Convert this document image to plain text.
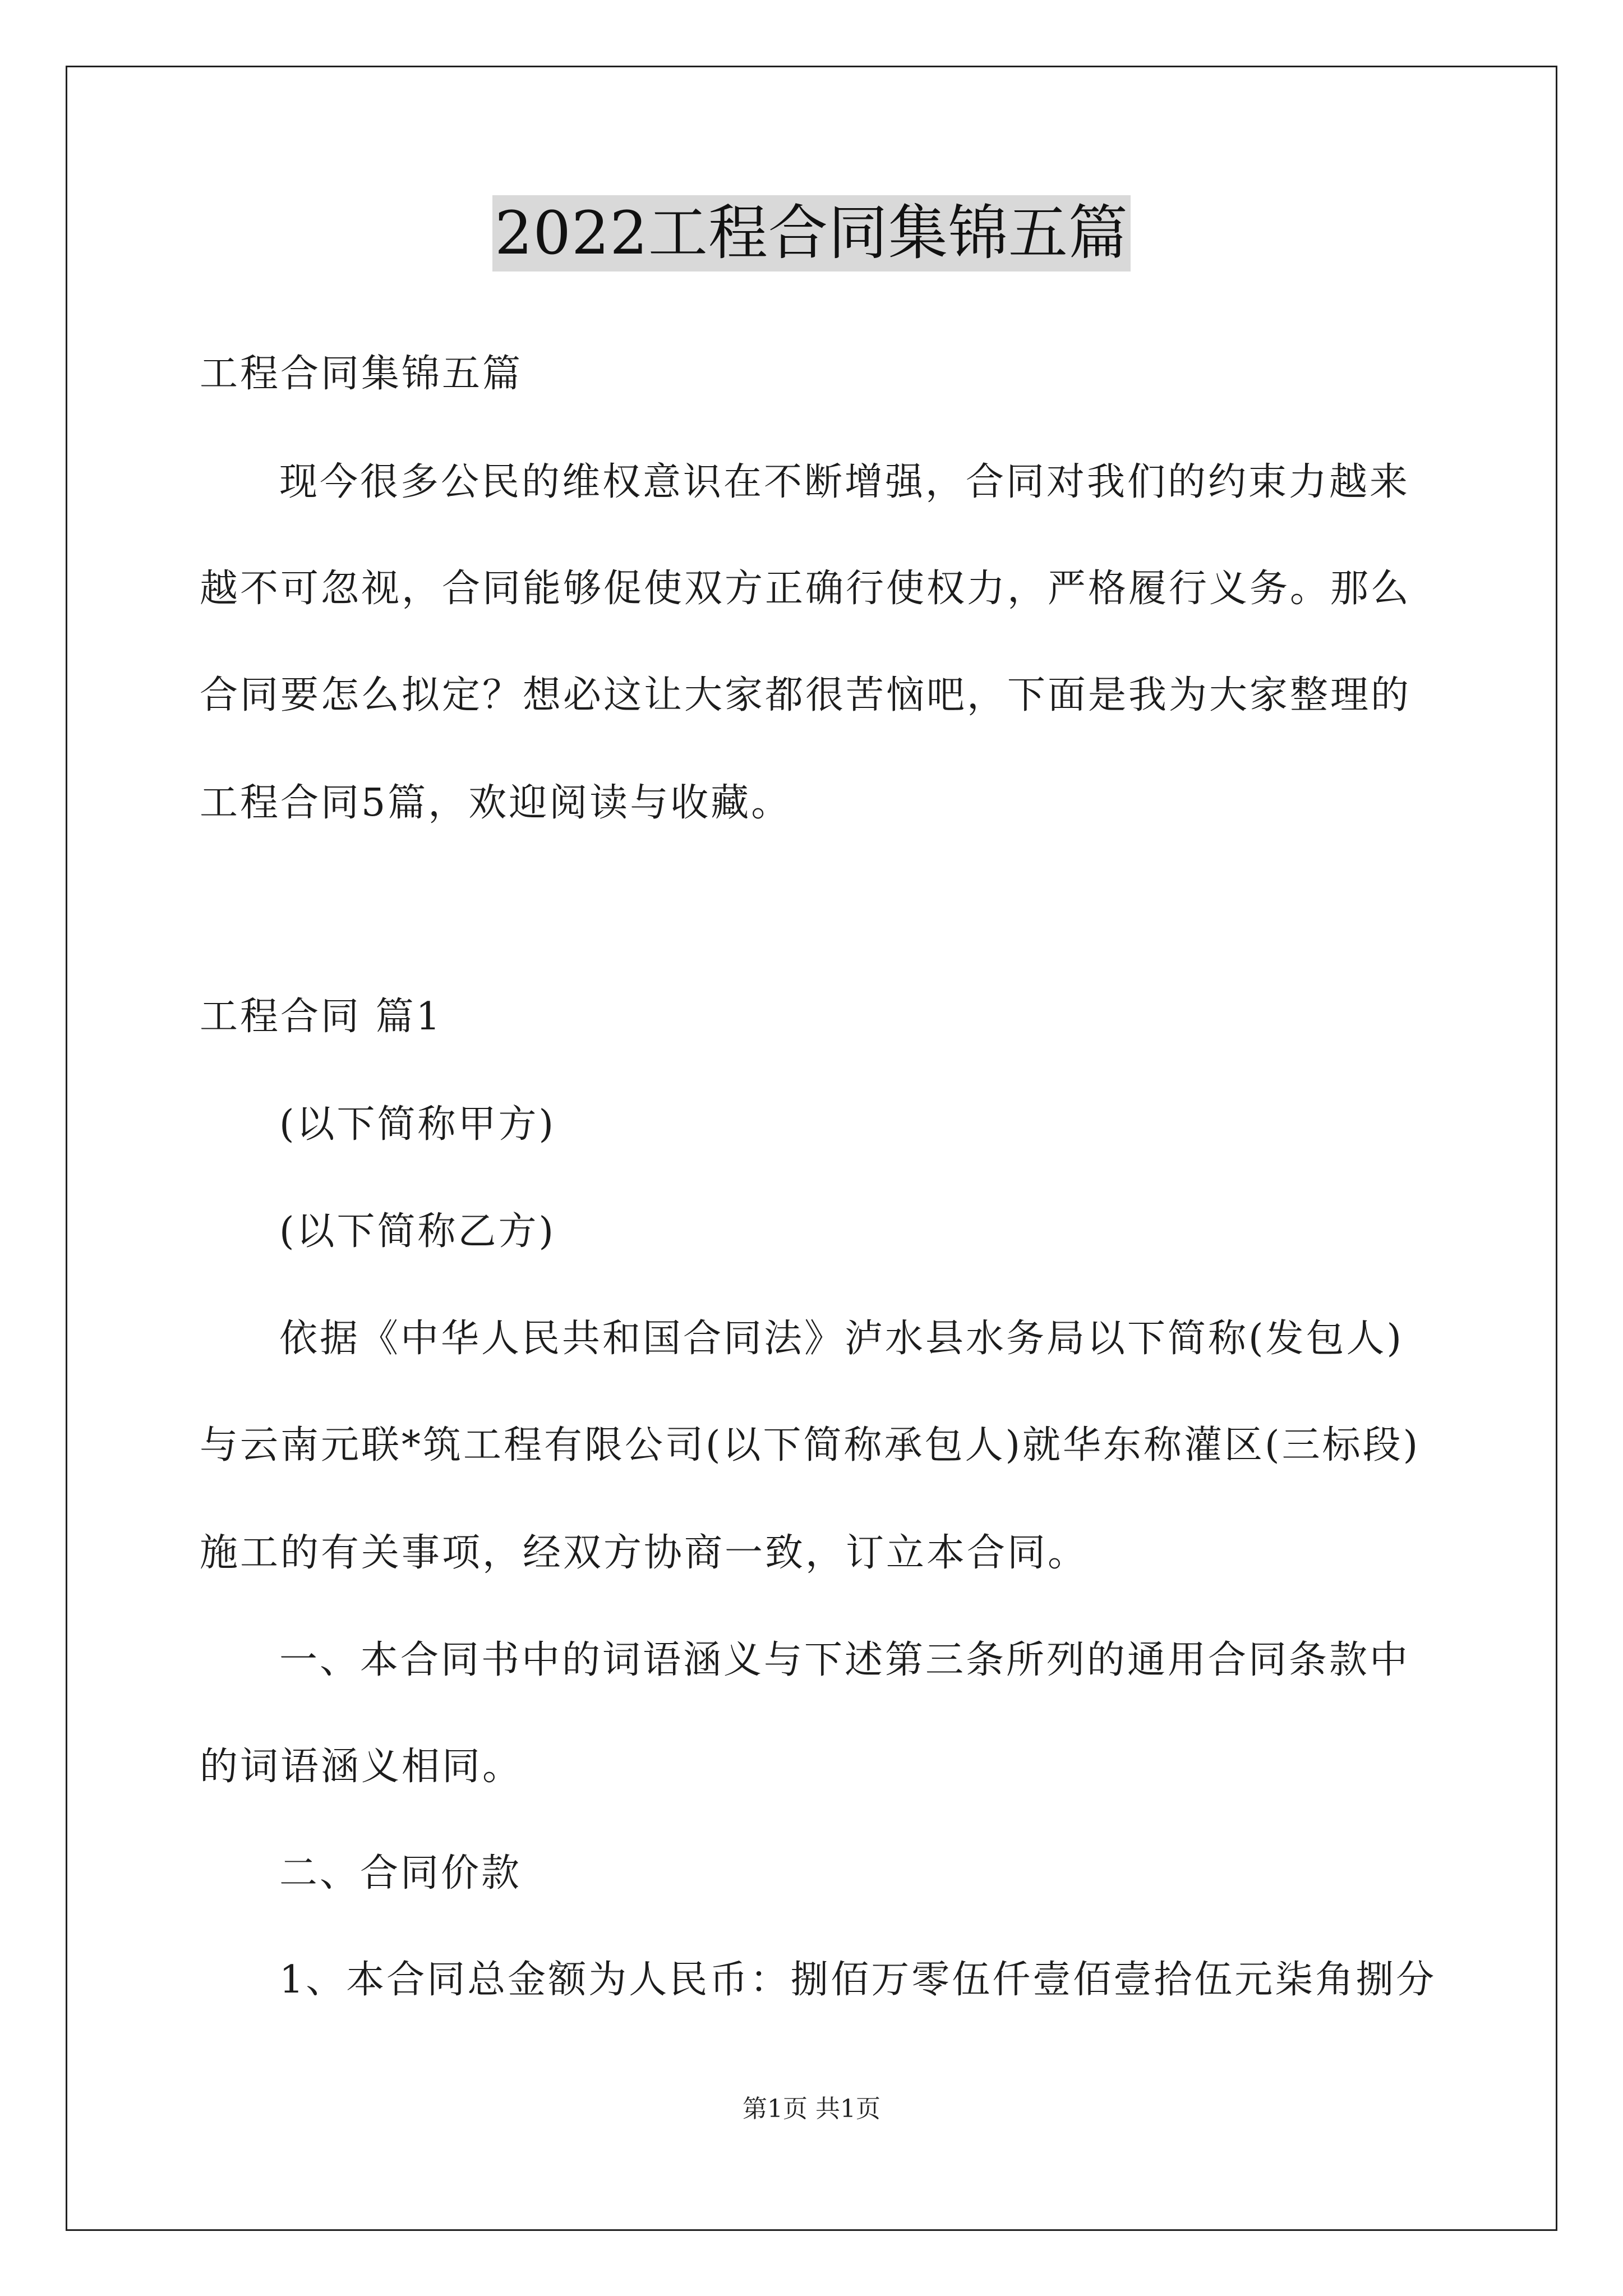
2022工程合同集锦五篇
工程合同集锦五篇
现今很多公民的维权意识在不断增强，合同对我们的约束力越来
越不可忽视，合同能够促使双方正确行使权力，严格履行义务。那么
合同要怎么拟定？想必这让大家都很苦恼吧，下面是我为大家整理的
工程合同5篇，欢迎阅读与收藏。
工程合同 篇1
(以下简称甲方)
(以下简称乙方)
依据《中华人民共和国合同法》泸水县水务局以下简称(发包人)
与云南元联*筑工程有限公司(以下简称承包人)就华东称灌区(三标段)
施工的有关事项，经双方协商一致，订立本合同。
一、本合同书中的词语涵义与下述第三条所列的通用合同条款中
的词语涵义相同。
二、合同价款
1、本合同总金额为人民币：捌佰万零伍仟壹佰壹拾伍元柒角捌分
第1页 共1页
